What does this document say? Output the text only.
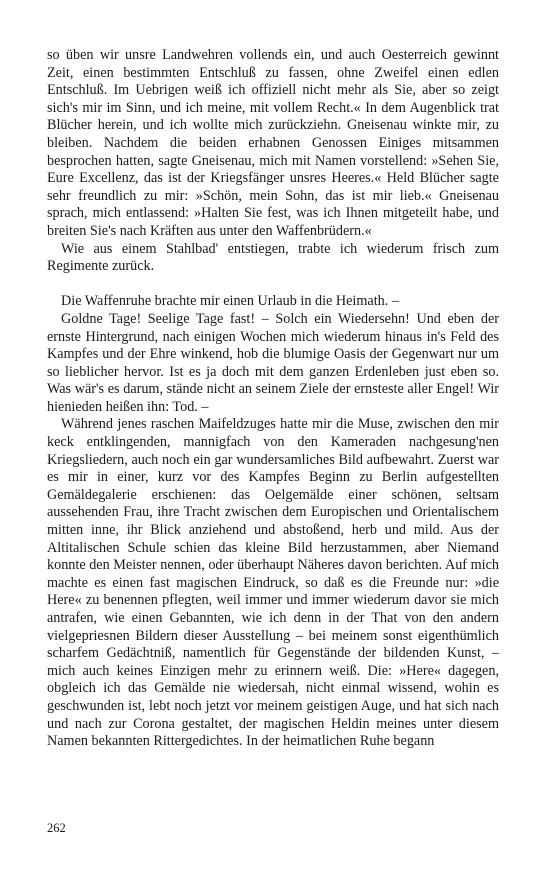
so üben wir unsre Landwehren vollends ein, und auch Oesterreich gewinnt Zeit, einen bestimmten Entschluß zu fassen, ohne Zweifel einen edlen Entschluß. Im Uebrigen weiß ich offiziell nicht mehr als Sie, aber so zeigt sich's mir im Sinn, und ich meine, mit vollem Recht.« In dem Augenblick trat Blücher herein, und ich wollte mich zurückziehn. Gneisenau winkte mir, zu bleiben. Nachdem die beiden erhabnen Genossen Einiges mitsammen besprochen hatten, sagte Gneisenau, mich mit Namen vorstellend: »Sehen Sie, Eure Excellenz, das ist der Kriegsfänger unsres Heeres.« Held Blücher sagte sehr freundlich zu mir: »Schön, mein Sohn, das ist mir lieb.« Gneisenau sprach, mich entlassend: »Halten Sie fest, was ich Ihnen mitgeteilt habe, und breiten Sie's nach Kräften aus unter den Waffenbrüdern.«

Wie aus einem Stahlbad' entstiegen, trabte ich wiederum frisch zum Regimente zurück.

Die Waffenruhe brachte mir einen Urlaub in die Heimath. –

Goldne Tage! Seelige Tage fast! – Solch ein Wiedersehn! Und eben der ernste Hintergrund, nach einigen Wochen mich wiederum hinaus in's Feld des Kampfes und der Ehre winkend, hob die blumige Oasis der Gegenwart nur um so lieblicher hervor. Ist es ja doch mit dem ganzen Erdenleben just eben so. Was wär's es darum, stände nicht an seinem Ziele der ernsteste aller Engel! Wir hienieden heißen ihn: Tod. –

Während jenes raschen Maifeldzuges hatte mir die Muse, zwischen den mir keck entklingenden, mannigfach von den Kameraden nachgesung'nen Kriegsliedern, auch noch ein gar wundersamliches Bild aufbewahrt. Zuerst war es mir in einer, kurz vor des Kampfes Beginn zu Berlin aufgestellten Gemäldegalerie erschienen: das Oelgemälde einer schönen, seltsam aussehenden Frau, ihre Tracht zwischen dem Europischen und Orientalischem mitten inne, ihr Blick anziehend und abstoßend, herb und mild. Aus der Altitalischen Schule schien das kleine Bild herzustammen, aber Niemand konnte den Meister nennen, oder überhaupt Näheres davon berichten. Auf mich machte es einen fast magischen Eindruck, so daß es die Freunde nur: »die Here« zu benennen pflegten, weil immer und immer wiederum davor sie mich antrafen, wie einen Gebannten, wie ich denn in der That von den andern vielgepriesnen Bildern dieser Ausstellung – bei meinem sonst eigenthümlich scharfem Gedächtniß, namentlich für Gegenstände der bildenden Kunst, – mich auch keines Einzigen mehr zu erinnern weiß. Die: »Here« dagegen, obgleich ich das Gemälde nie wiedersah, nicht einmal wissend, wohin es geschwunden ist, lebt noch jetzt vor meinem geistigen Auge, und hat sich nach und nach zur Corona gestaltet, der magischen Heldin meines unter diesem Namen bekannten Rittergedichtes. In der heimatlichen Ruhe begann

262
